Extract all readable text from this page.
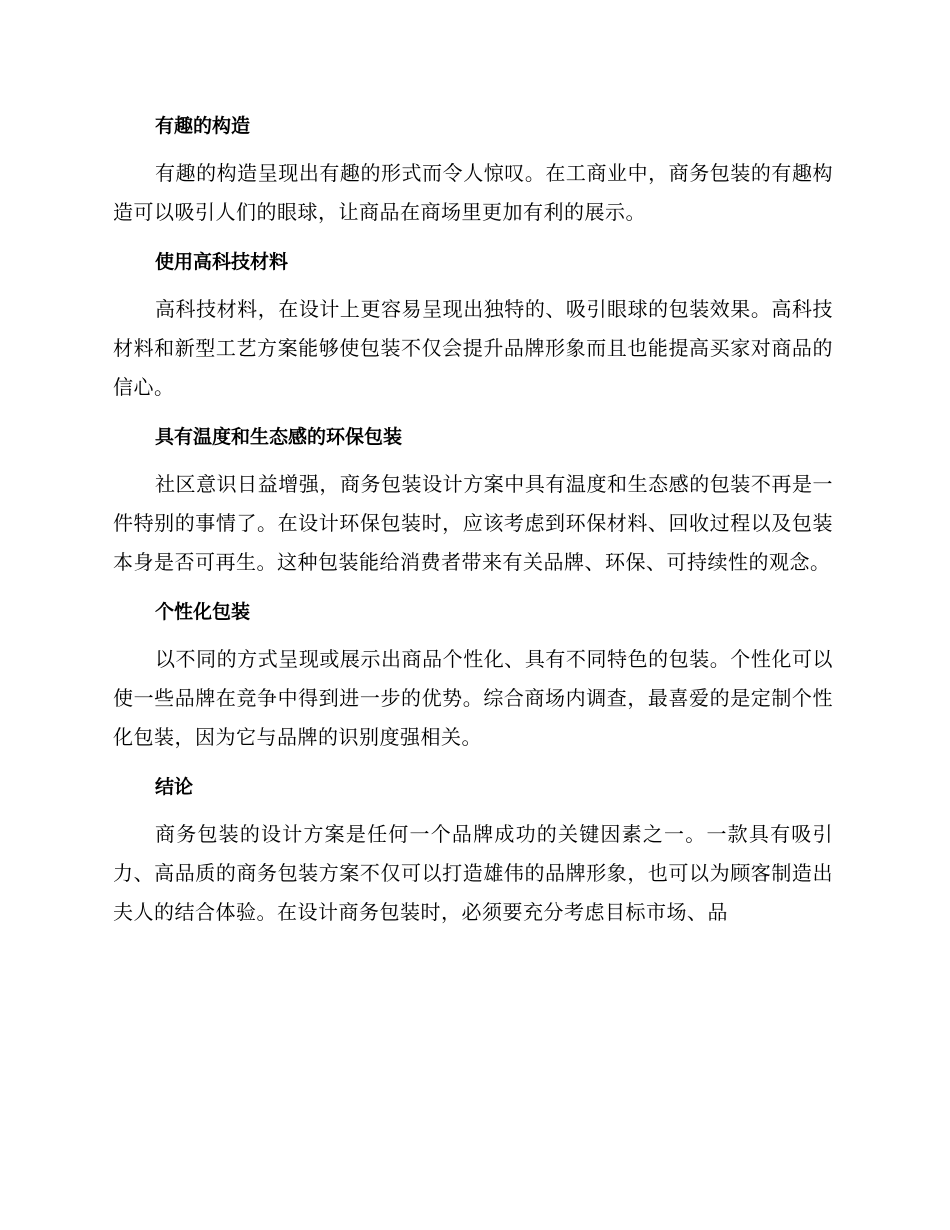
有趣的构造

有趣的构造呈现出有趣的形式而令人惊叹。在工商业中，商务包装的有趣构造可以吸引人们的眼球，让商品在商场里更加有利的展示。

使用高科技材料

高科技材料，在设计上更容易呈现出独特的、吸引眼球的包装效果。高科技材料和新型工艺方案能够使包装不仅会提升品牌形象而且也能提高买家对商品的信心。

具有温度和生态感的环保包装

社区意识日益增强，商务包装设计方案中具有温度和生态感的包装不再是一件特别的事情了。在设计环保包装时，应该考虑到环保材料、回收过程以及包装本身是否可再生。这种包装能给消费者带来有关品牌、环保、可持续性的观念。

个性化包装

以不同的方式呈现或展示出商品个性化、具有不同特色的包装。个性化可以使一些品牌在竞争中得到进一步的优势。综合商场内调查，最喜爱的是定制个性化包装，因为它与品牌的识别度强相关。

结论

商务包装的设计方案是任何一个品牌成功的关键因素之一。一款具有吸引力、高品质的商务包装方案不仅可以打造雄伟的品牌形象，也可以为顾客制造出夫人的结合体验。在设计商务包装时，必须要充分考虑目标市场、品
